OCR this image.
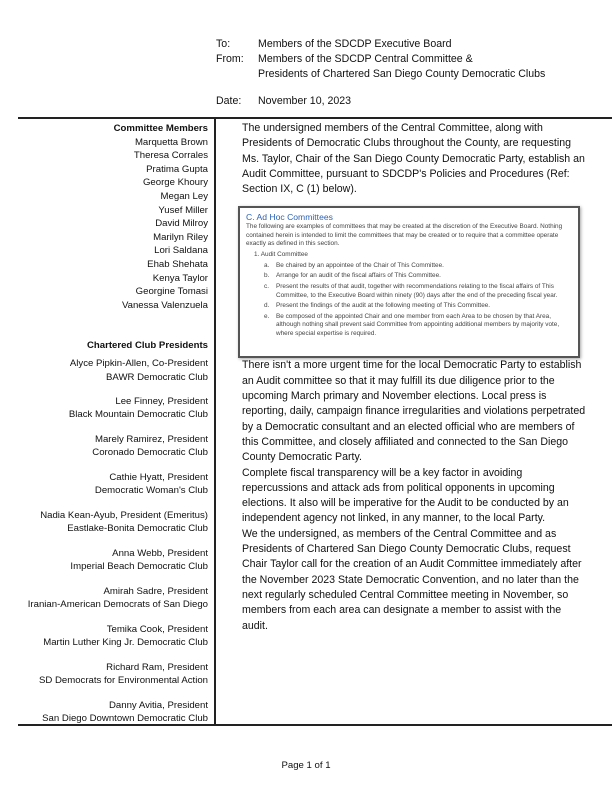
To:	Members of the SDCDP Executive Board
From:	Members of the SDCDP Central Committee &
Presidents of Chartered San Diego County Democratic Clubs
Date:	November 10, 2023
Committee Members
Marquetta Brown
Theresa Corrales
Pratima Gupta
George Khoury
Megan Ley
Yusef Miller
David Milroy
Marilyn Riley
Lori Saldana
Ehab Shehata
Kenya Taylor
Georgine Tomasi
Vanessa Valenzuela
Chartered Club Presidents
Alyce Pipkin-Allen, Co-President
BAWR Democratic Club
Lee Finney, President
Black Mountain Democratic Club
Marely Ramirez, President
Coronado Democratic Club
Cathie Hyatt, President
Democratic Woman's Club
Nadia Kean-Ayub, President (Emeritus)
Eastlake-Bonita Democratic Club
Anna Webb, President
Imperial Beach Democratic Club
Amirah Sadre, President
Iranian-American Democrats of San Diego
Temika Cook, President
Martin Luther King Jr. Democratic Club
Richard Ram, President
SD Democrats for Environmental Action
Danny Avitia, President
San Diego Downtown Democratic Club

The undersigned members of the Central Committee, along with Presidents of Democratic Clubs throughout the County, are requesting Ms. Taylor, Chair of the San Diego County Democratic Party, establish an Audit Committee, pursuant to SDCDP's Policies and Procedures (Ref: Section IX, C (1) below).

C. Ad Hoc Committees
The following are examples of committees that may be created at the discretion of the Executive Board. Nothing contained herein is intended to limit the committees that may be created or to require that a committee operate exactly as defined in this section.
1. Audit Committee
a.	Be chaired by an appointee of the Chair of This Committee.
b.	Arrange for an audit of the fiscal affairs of This Committee.
c.	Present the results of that audit, together with recommendations relating to the fiscal affairs of This Committee, to the Executive Board within ninety (90) days after the end of the preceding fiscal year.
d.	Present the findings of the audit at the following meeting of This Committee.
e.	Be composed of the appointed Chair and one member from each Area to be chosen by that Area, although nothing shall prevent said Committee from appointing additional members by majority vote, where special expertise is required.

There isn't a more urgent time for the local Democratic Party to establish an Audit committee so that it may fulfill its due diligence prior to the upcoming March primary and November elections. Local press is reporting, daily, campaign finance irregularities and violations perpetrated by a Democratic consultant and an elected official who are members of this Committee, and closely affiliated and connected to the San Diego County Democratic Party.

Complete fiscal transparency will be a key factor in avoiding repercussions and attack ads from political opponents in upcoming elections. It also will be imperative for the Audit to be conducted by an independent agency not linked, in any manner, to the local Party.

We the undersigned, as members of the Central Committee and as Presidents of Chartered San Diego County Democratic Clubs, request Chair Taylor call for the creation of an Audit Committee immediately after the November 2023 State Democratic Convention, and no later than the next regularly scheduled Central Committee meeting in November, so members from each area can designate a member to assist with the audit.

Page 1 of 1
